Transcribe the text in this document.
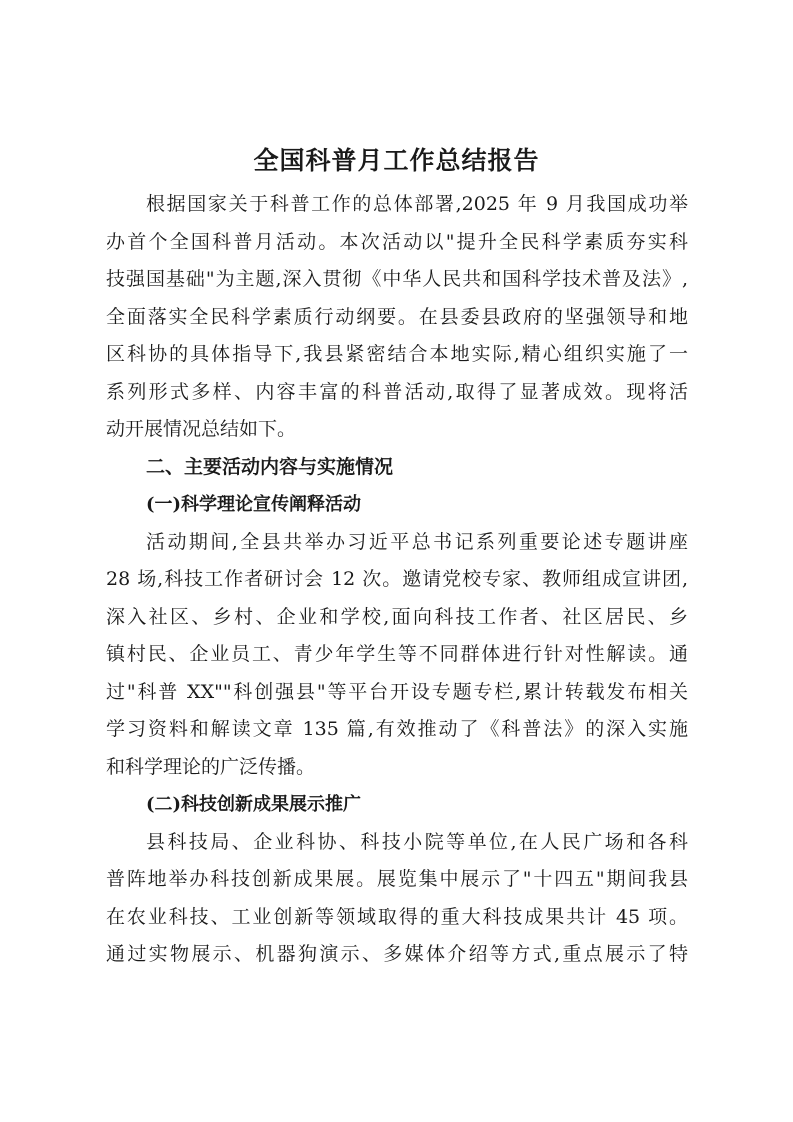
全国科普月工作总结报告
根据国家关于科普工作的总体部署,2025 年 9 月我国成功举
办首个全国科普月活动。本次活动以"提升全民科学素质夯实科
技强国基础"为主题,深入贯彻《中华人民共和国科学技术普及法》,
全面落实全民科学素质行动纲要。在县委县政府的坚强领导和地
区科协的具体指导下,我县紧密结合本地实际,精心组织实施了一
系列形式多样、内容丰富的科普活动,取得了显著成效。现将活
动开展情况总结如下。
二、主要活动内容与实施情况
(一)科学理论宣传阐释活动
活动期间,全县共举办习近平总书记系列重要论述专题讲座
28 场,科技工作者研讨会 12 次。邀请党校专家、教师组成宣讲团,
深入社区、乡村、企业和学校,面向科技工作者、社区居民、乡
镇村民、企业员工、青少年学生等不同群体进行针对性解读。通
过"科普 XX""科创强县"等平台开设专题专栏,累计转载发布相关
学习资料和解读文章 135 篇,有效推动了《科普法》的深入实施
和科学理论的广泛传播。
(二)科技创新成果展示推广
县科技局、企业科协、科技小院等单位,在人民广场和各科
普阵地举办科技创新成果展。展览集中展示了"十四五"期间我县
在农业科技、工业创新等领域取得的重大科技成果共计 45 项。
通过实物展示、机器狗演示、多媒体介绍等方式,重点展示了特
